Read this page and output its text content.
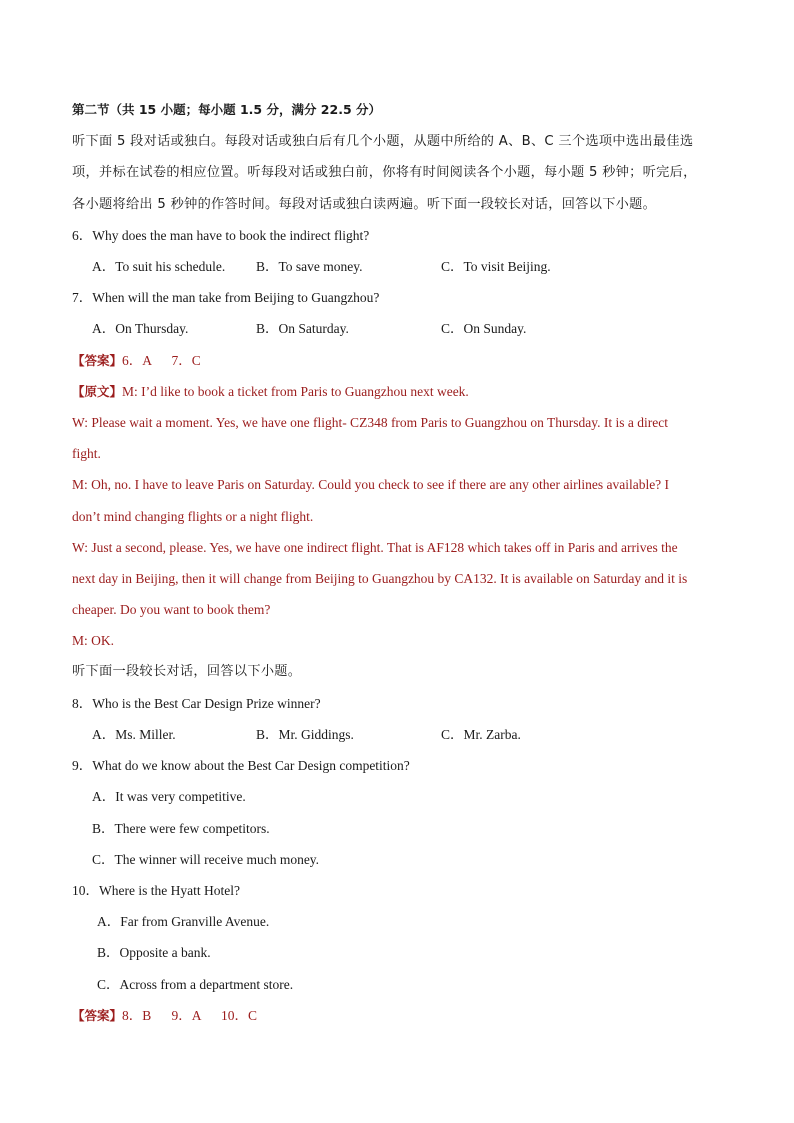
第二节（共 15 小题；每小题 1.5 分，满分 22.5 分）
听下面 5 段对话或独白。每段对话或独白后有几个小题，从题中所给的 A、B、C 三个选项中选出最佳选
项，并标在试卷的相应位置。听每段对话或独白前，你将有时间阅读各个小题，每小题 5 秒钟；听完后，
各小题将给出 5 秒钟的作答时间。每段对话或独白读两遍。听下面一段较长对话，回答以下小题。
6．Why does the man have to book the indirect flight?
A．To suit his schedule. B．To save money.	C．To visit Beijing.
7．When will the man take from Beijing to Guangzhou?
A．On Thursday.	B．On Saturday.	C．On Sunday.
【答案】6．A      7．C
【原文】M: I’d like to book a ticket from Paris to Guangzhou next week.
W: Please wait a moment. Yes, we have one flight- CZ348 from Paris to Guangzhou on Thursday. It is a direct
fight.
M: Oh, no. I have to leave Paris on Saturday. Could you check to see if there are any other airlines available? I
don’t mind changing flights or a night flight.
W: Just a second, please. Yes, we have one indirect flight. That is AF128 which takes off in Paris and arrives the
next day in Beijing, then it will change from Beijing to Guangzhou by CA132. It is available on Saturday and it is
cheaper. Do you want to book them?
M: OK.
听下面一段较长对话，回答以下小题。
8．Who is the Best Car Design Prize winner?
A．Ms. Miller.	B．Mr. Giddings.	C．Mr. Zarba.
9．What do we know about the Best Car Design competition?
A．It was very competitive.
B．There were few competitors.
C．The winner will receive much money.
10．Where is the Hyatt Hotel?
A．Far from Granville Avenue.
B．Opposite a bank.
C．Across from a department store.
【答案】8．B      9．A      10．C
